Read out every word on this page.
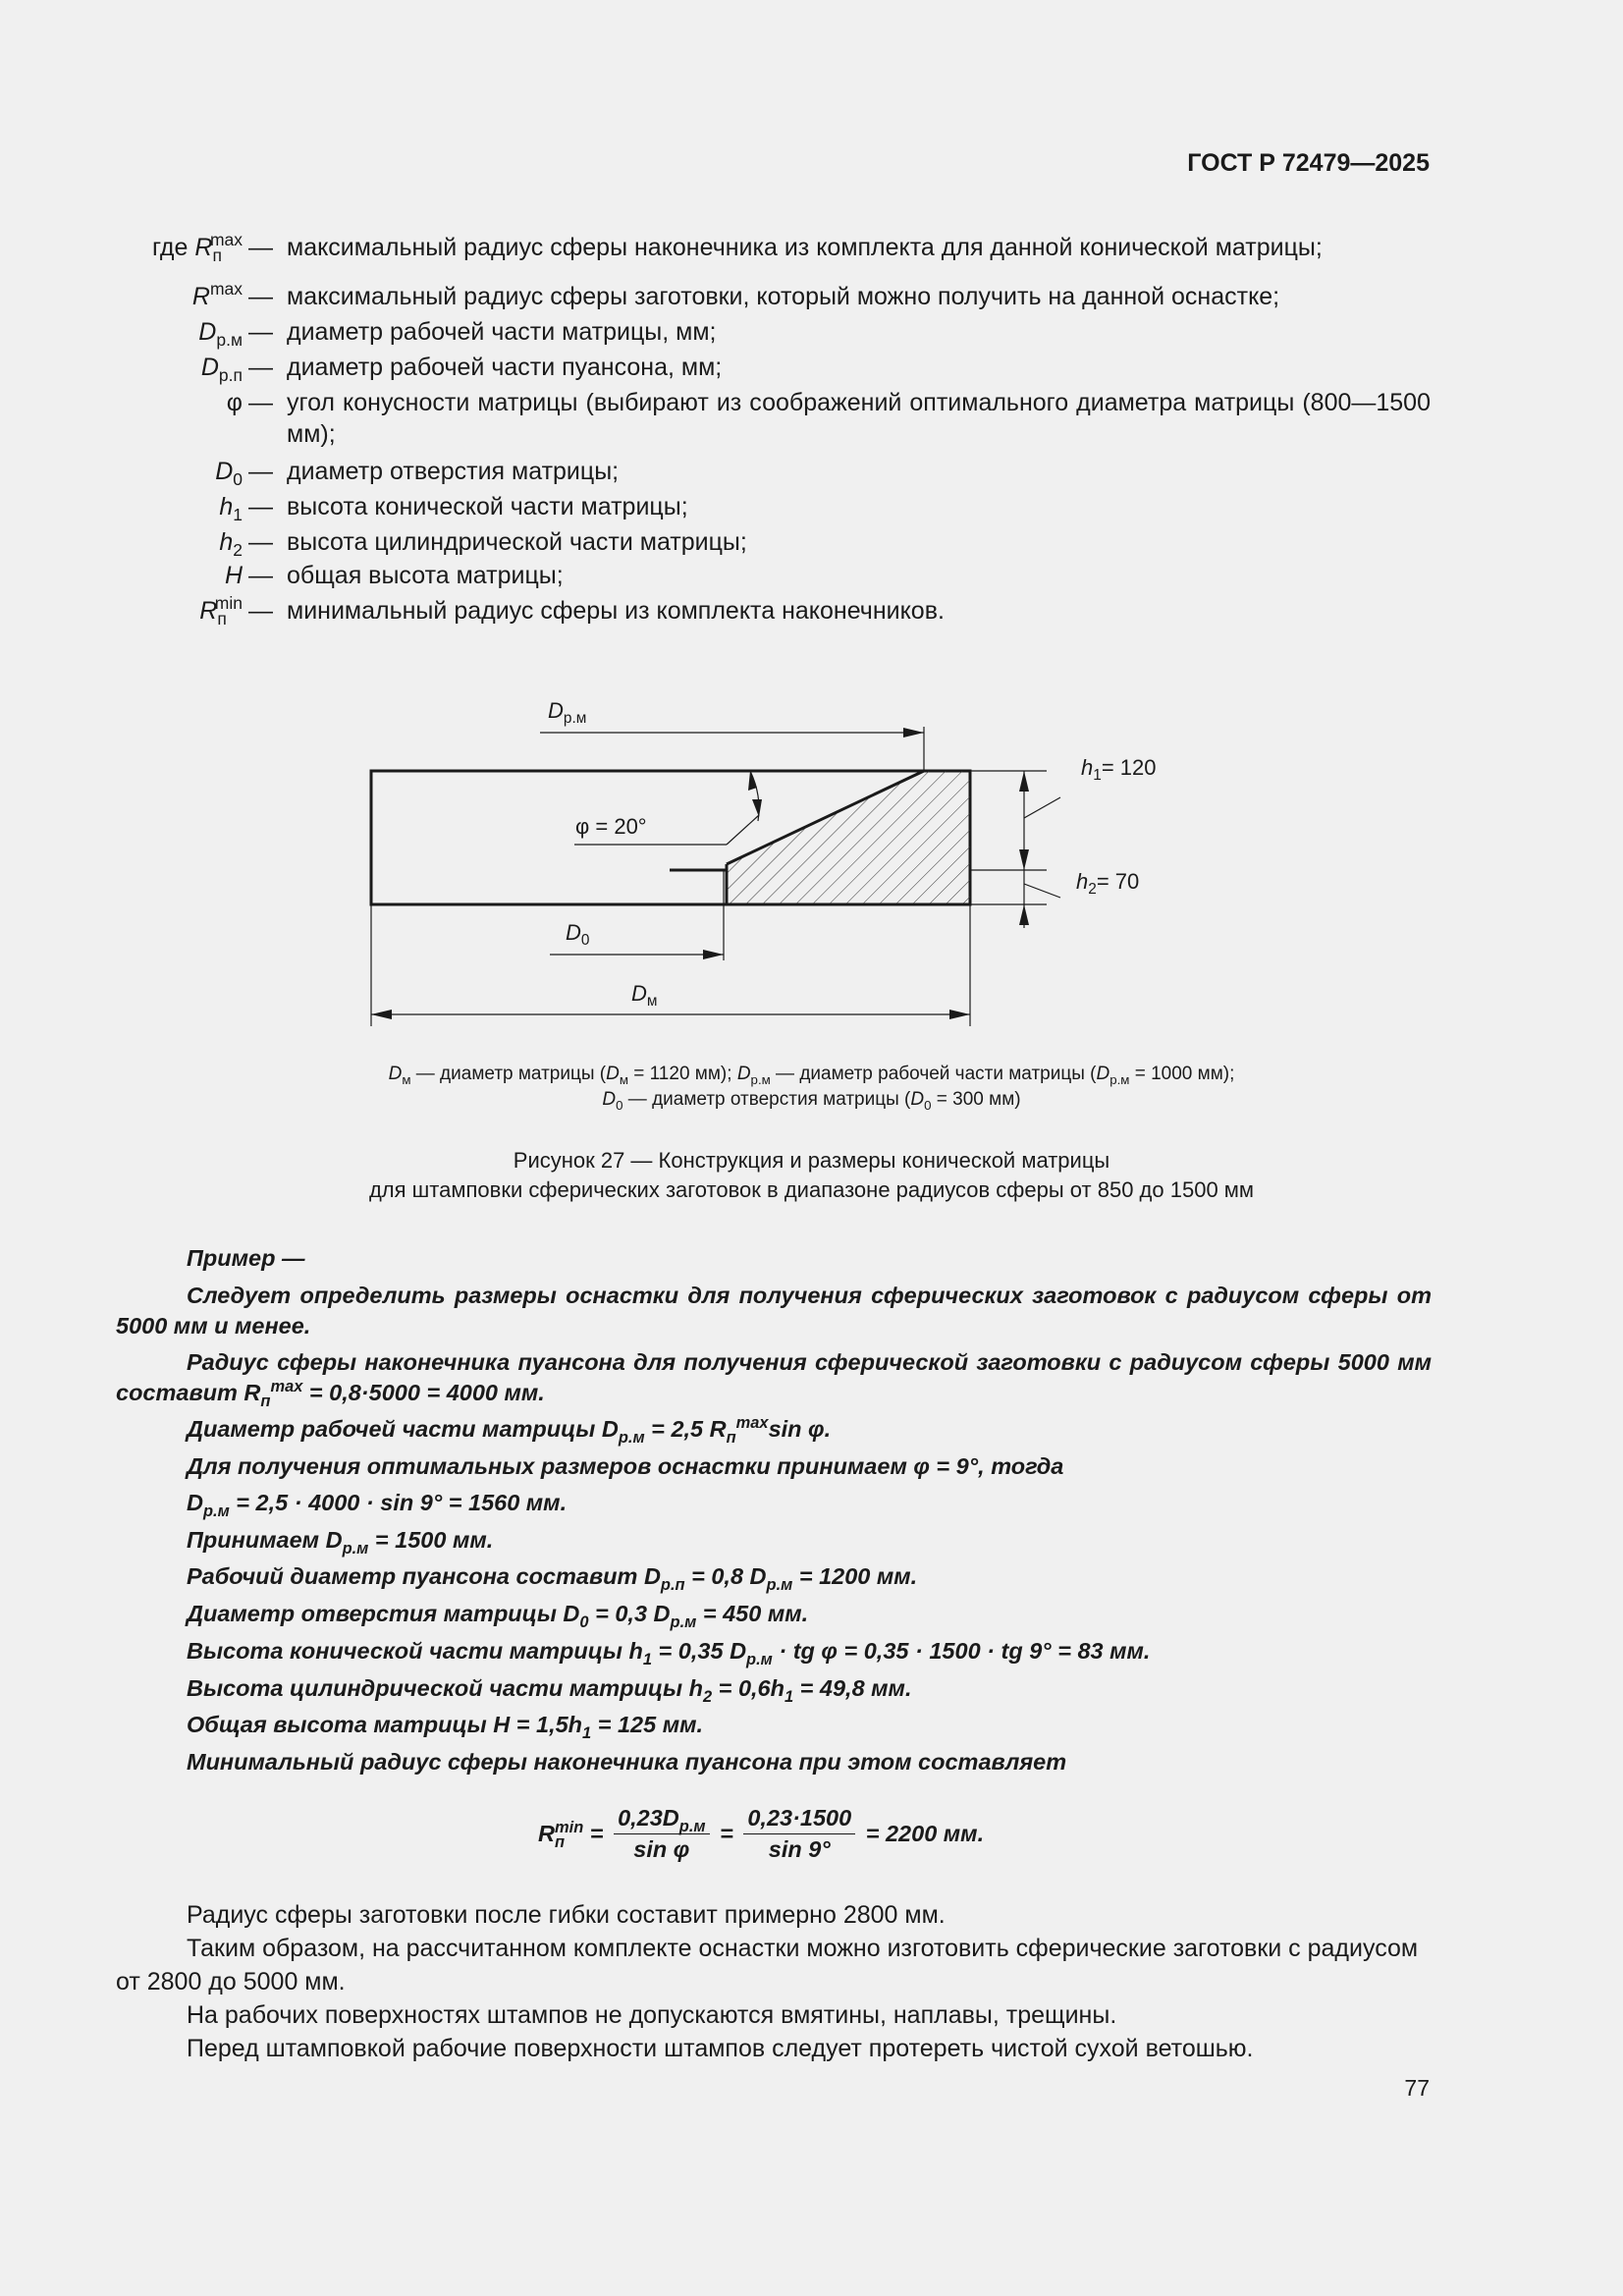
ГОСТ Р 72479—2025
где $R_п^{max}$ — максимальный радиус сферы наконечника из комплекта для данной конической матрицы;
$R^{max}$ — максимальный радиус сферы заготовки, который можно получить на данной оснастке;
$D_{р.м}$ — диаметр рабочей части матрицы, мм;
$D_{р.п}$ — диаметр рабочей части пуансона, мм;
φ — угол конусности матрицы (выбирают из соображений оптимального диаметра матрицы (800—1500 мм);
$D_0$ — диаметр отверстия матрицы;
$h_1$ — высота конической части матрицы;
$h_2$ — высота цилиндрической части матрицы;
H — общая высота матрицы;
$R_п^{min}$ — минимальный радиус сферы из комплекта наконечников.
$D_{р.м}$
$h_1= 120$
$h_2= 70$
φ = 20°
$D_0$
$D_м$
$D_м$ — диаметр матрицы ($D_м = 1120$ мм); $D_{р.м}$ — диаметр рабочей части матрицы ($D_{р.м} = 1000$ мм);
$D_0$ — диаметр отверстия матрицы ($D_0 = 300$ мм)
Рисунок 27 — Конструкция и размеры конической матрицы
для штамповки сферических заготовок в диапазоне радиусов сферы от 850 до 1500 мм
Пример —
Следует определить размеры оснастки для получения сферических заготовок с радиусом сферы от 5000 мм и менее.
Радиус сферы наконечника пуансона для получения сферической заготовки с радиусом сферы 5000 мм составит $R_п^{max} = 0,8\cdot 5000 = 4000$ мм.
Диаметр рабочей части матрицы $D_{р.м} = 2,5$ $R_п^{max}\sin$ φ.
Для получения оптимальных размеров оснастки принимаем φ = 9°, тогда
$D_{р.м} = 2,5 \cdot 4000 \cdot \sin 9^\circ = 1560$ мм.
Принимаем $D_{р.м} = 1500$ мм.
Рабочий диаметр пуансона составит $D_{р.п} = 0,8$ $D_{р.м} = 1200$ мм.
Диаметр отверстия матрицы $D_0 = 0,3$ $D_{р.м} = 450$ мм.
Высота конической части матрицы $h_1 = 0,35$ $D_{р.м}$ · tg φ = 0,35 · 1500 · tg 9° = 83 мм.
Высота цилиндрической части матрицы $h_2 = 0,6h_1 = 49,8$ мм.
Общая высота матрицы $H = 1,5h_1 = 125$ мм.
Минимальный радиус сферы наконечника пуансона при этом составляет
$R_п^{min} = \frac{0,23D_{р.м}}{\text{sin φ}} = \frac{0,23\cdot 1500}{\sin 9^\circ} = 2200$ мм.
Радиус сферы заготовки после гибки составит примерно 2800 мм.
Таким образом, на рассчитанном комплекте оснастки можно изготовить сферические заготовки с радиусом от 2800 до 5000 мм.
На рабочих поверхностях штампов не допускаются вмятины, наплавы, трещины.
Перед штамповкой рабочие поверхности штампов следует протереть чистой сухой ветошью.
77
